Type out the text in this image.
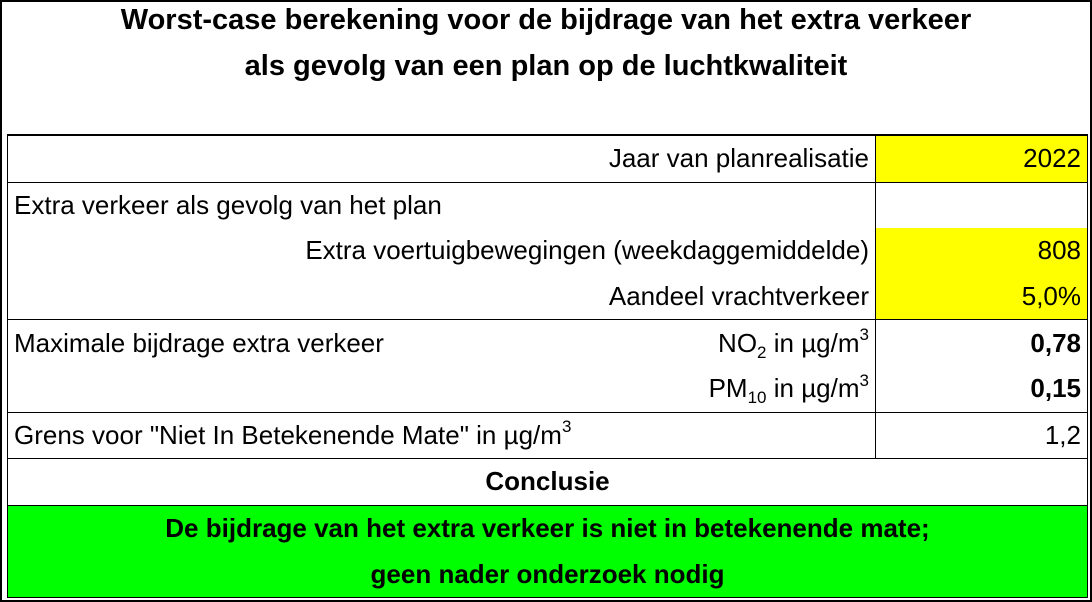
Worst-case berekening voor de bijdrage van het extra verkeer
als gevolg van een plan op de luchtkwaliteit
Jaar van planrealisatie	2022
Extra verkeer als gevolg van het plan	
Extra voertuigbewegingen (weekdaggemiddelde)	808
Aandeel vrachtverkeer	5,0%

Maximale bijdrage extra verkeer $NO_2$ in $\mu g/m^3$	0,78
$PM_{10}$ in $\mu g/m^3$	0,15
Grens voor "Niet In Betekenende Mate" in $\mu g/m^3$	1,2
Conclusie	
De bijdrage van het extra verkeer is niet in betekenende mate;	
geen nader onderzoek nodig	
